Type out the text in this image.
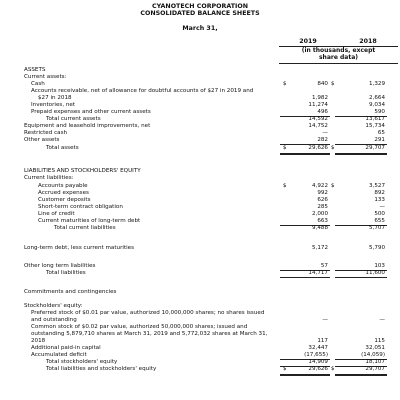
CYANOTECH CORPORATION
CONSOLIDATED BALANCE SHEETS
March 31,
2019	2018
(in thousands, except
share data)
ASSETS
Current assets:
Cash	$	840 $	1,329
Accounts receivable, net of allowance for doubtful accounts of $27 in 2019 and
$27 in 2018	1,982	2,664
Inventories, net	11,274	9,034
Prepaid expenses and other current assets	496	590
Total current assets	14,592	13,617
Equipment and leasehold improvements, net	14,752	15,734
Restricted cash	—	65
Other assets	282	291
Total assets	$	29,626 $	29,707
LIABILITIES AND STOCKHOLDERS' EQUITY
Current liabilities:
Accounts payable	$	4,922 $	3,527
Accrued expenses	992	892
Customer deposits	626	133
Short-term contract obligation	285	—
Line of credit	2,000	500
Current maturities of long-term debt	663	655
Total current liabilities	9,488	5,707
Long-term debt, less current maturities	5,172	5,790
Other long term liabilities	57	103
Total liabilities	14,717	11,600
Commitments and contingencies
Stockholders' equity:
Preferred stock of $0.01 par value, authorized 10,000,000 shares; no shares issued and outstanding	—	—
Common stock of $0.02 par value, authorized 50,000,000 shares; issued and outstanding 5,879,710 shares at March 31, 2019 and 5,772,032 shares at March 31, 2018	117	115
Additional paid-in capital	32,447	32,051
Accumulated deficit	(17,655)	(14,059)
Total stockholders' equity	14,909	18,107
Total liabilities and stockholders' equity	$	29,626 $	29,707
